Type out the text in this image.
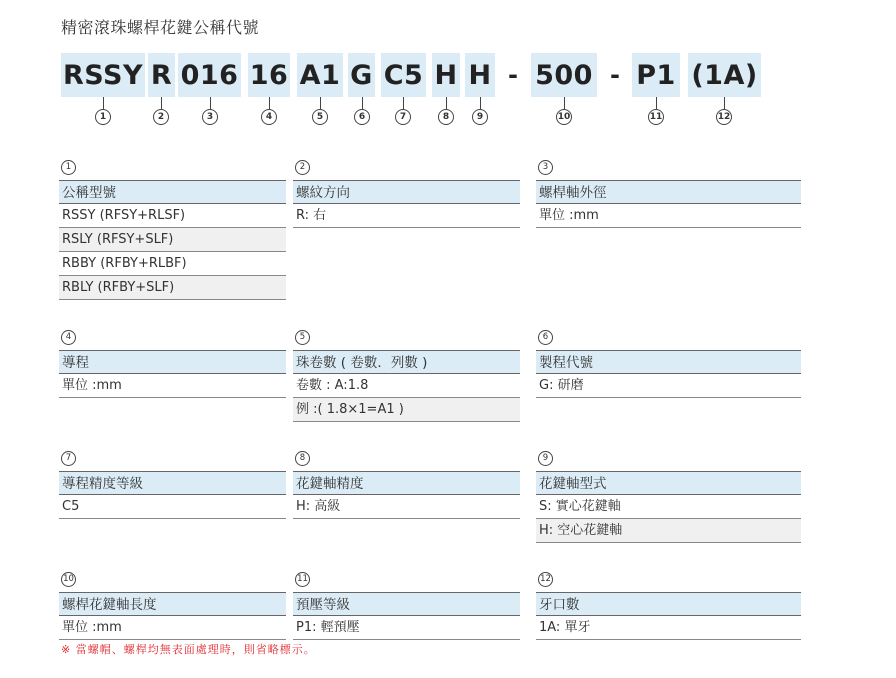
精密滾珠螺桿花鍵公稱代號
RSSY R 016 16 A1 G C5 H H - 500 - P1 (1A)
1	2	3	4	5	6	7	8	9	10	11	12
1
公稱型號
RSSY (RFSY+RLSF)
RSLY (RFSY+SLF)
RBBY (RFBY+RLBF)
RBLY (RFBY+SLF)
2
螺紋方向
R: 右
3
螺桿軸外徑
單位 :mm
4
導程
單位 :mm
5
珠卷數 ( 卷數．列數 )
卷數 : A:1.8
例 :( 1.8×1=A1 )
6
製程代號
G: 研磨
7
導程精度等級
C5
8
花鍵軸精度
H: 高級
9
花鍵軸型式
S: 實心花鍵軸
H: 空心花鍵軸
10
螺桿花鍵軸長度
單位 :mm
11
預壓等級
P1: 輕預壓
12
牙口數
1A: 單牙
※ 當螺帽、螺桿均無表面處理時，則省略標示。
